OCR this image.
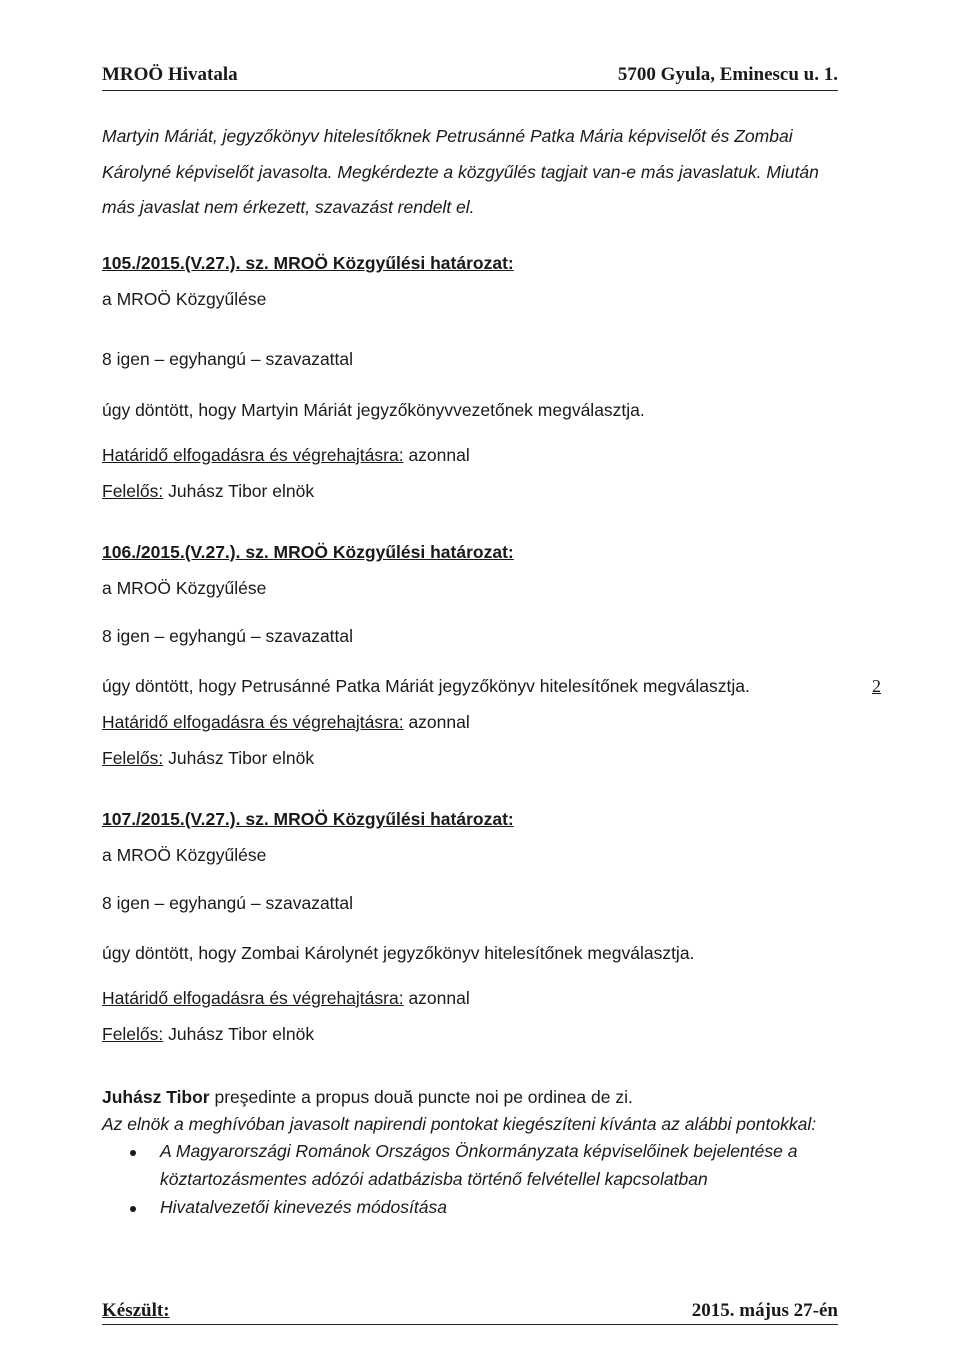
MROÖ Hivatala	5700 Gyula, Eminescu u. 1.
Martyin Máriát, jegyzőkönyv hitelesítőknek Petrusánné Patka Mária képviselőt és Zombai
Károlyné képviselőt javasolta. Megkérdezte a közgyűlés tagjait van-e más javaslatuk. Miután
más javaslat nem érkezett, szavazást rendelt el.
105./2015.(V.27.). sz. MROÖ Közgyűlési határozat:
a MROÖ Közgyűlése
8 igen – egyhangú – szavazattal
úgy döntött, hogy Martyin Máriát jegyzőkönyvvezetőnek megválasztja.
Határidő elfogadásra és végrehajtásra: azonnal
Felelős: Juhász Tibor elnök
106./2015.(V.27.). sz. MROÖ Közgyűlési határozat:
a MROÖ Közgyűlése
8 igen – egyhangú – szavazattal
úgy döntött, hogy Petrusánné Patka Máriát jegyzőkönyv hitelesítőnek megválasztja.
Határidő elfogadásra és végrehajtásra: azonnal
Felelős: Juhász Tibor elnök
2
107./2015.(V.27.). sz. MROÖ Közgyűlési határozat:
a MROÖ Közgyűlése
8 igen – egyhangú – szavazattal
úgy döntött, hogy Zombai Károlynét jegyzőkönyv hitelesítőnek megválasztja.
Határidő elfogadásra és végrehajtásra: azonnal
Felelős: Juhász Tibor elnök
Juhász Tibor preşedinte a propus două puncte noi pe ordinea de zi.
Az elnök a meghívóban javasolt napirendi pontokat kiegészíteni kívánta az alábbi pontokkal:
A Magyarországi Románok Országos Önkormányzata képviselőinek bejelentése a
köztartozásmentes adózói adatbázisba történő felvétellel kapcsolatban
Hivatalvezetői kinevezés módosítása
Készült:	2015. május 27-én
